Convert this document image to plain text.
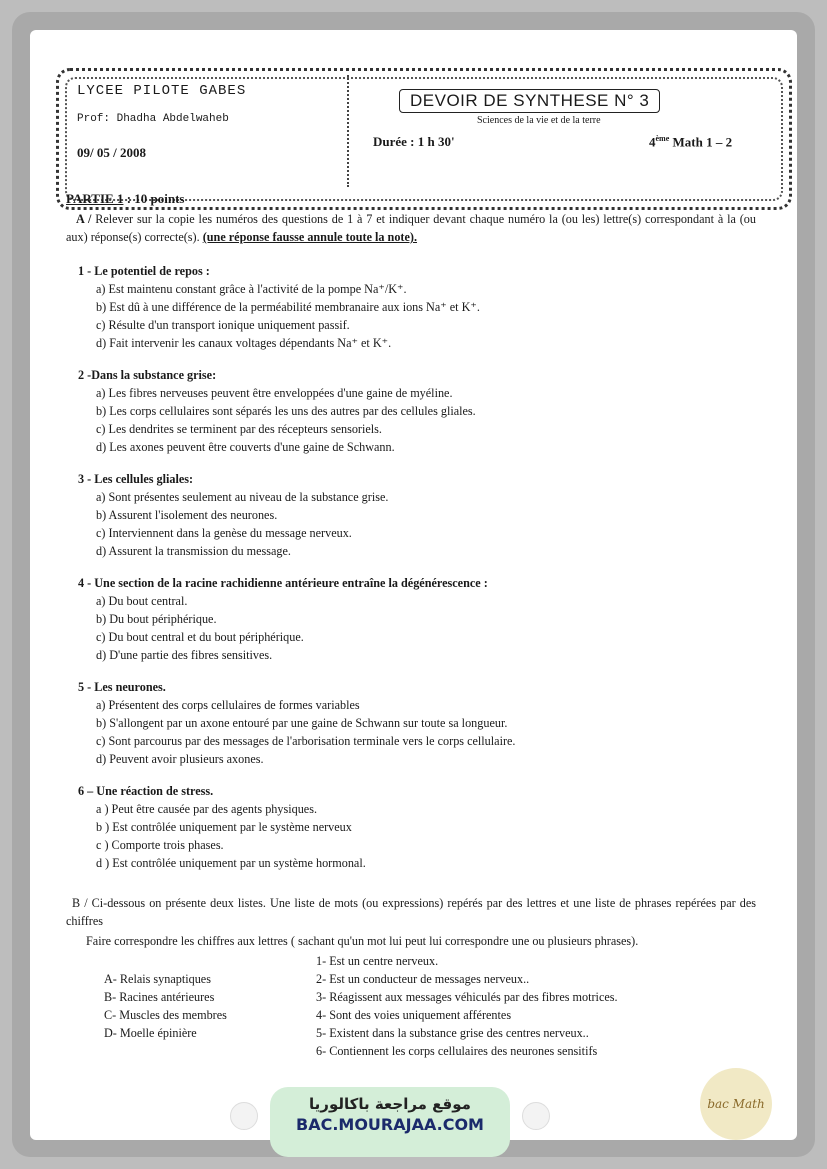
LYCEE PILOTE GABES
Prof: Dhadha Abdelwaheb
09/ 05 / 2008
DEVOIR DE SYNTHESE N° 3
Sciences de la vie et de la terre
Durée : 1 h 30'	4ème Math 1 – 2
PARTIE 1 : 10 points
A / Relever sur la copie les numéros des questions de 1 à 7 et indiquer devant chaque numéro la (ou les) lettre(s) correspondant à la (ou aux) réponse(s) correcte(s). (une réponse fausse annule toute la note).
1 - Le potentiel de repos :
a) Est maintenu constant grâce à l'activité de la pompe Na⁺/K⁺.
b) Est dû à une différence de la perméabilité membranaire aux ions Na⁺ et K⁺.
c) Résulte d'un transport ionique uniquement passif.
d) Fait intervenir les canaux voltages dépendants Na⁺ et K⁺.
2 -Dans la substance grise:
a) Les fibres nerveuses peuvent être enveloppées d'une gaine de myéline.
b) Les corps cellulaires sont séparés les uns des autres par des cellules gliales.
c) Les dendrites se terminent par des récepteurs sensoriels.
d) Les axones peuvent être couverts d'une gaine de Schwann.
3 - Les cellules gliales:
a) Sont présentes seulement au niveau de la substance grise.
b) Assurent l'isolement des neurones.
c) Interviennent dans la genèse du message nerveux.
d) Assurent la transmission du message.
4 - Une section de la racine rachidienne antérieure entraîne la dégénérescence :
a) Du bout central.
b) Du bout périphérique.
c) Du bout central et du bout périphérique.
d) D'une partie des fibres sensitives.
5 - Les neurones.
a) Présentent des corps cellulaires de formes variables
b) S'allongent par un axone entouré par une gaine de Schwann sur toute sa longueur.
c) Sont parcourus par des messages de l'arborisation terminale vers le corps cellulaire.
d) Peuvent avoir plusieurs axones.
6 – Une réaction de stress.
a ) Peut être causée par des agents physiques.
b ) Est contrôlée uniquement par le système nerveux
c ) Comporte trois phases.
d ) Est contrôlée uniquement par un système hormonal.
B / Ci-dessous on présente deux listes. Une liste de mots (ou expressions) repérés par des lettres et une liste de phrases repérées par des chiffres
Faire correspondre les chiffres aux lettres ( sachant qu'un mot lui peut lui correspondre une ou plusieurs phrases).
A- Relais synaptiques
B- Racines antérieures
C- Muscles des membres
D- Moelle épinière
1- Est un centre nerveux.
2- Est un conducteur de messages nerveux..
3- Réagissent aux messages véhiculés par des fibres motrices.
4- Sont des voies uniquement afférentes
5- Existent dans la substance grise des centres nerveux..
6- Contiennent les corps cellulaires des neurones sensitifs
موقع مراجعة باكالوريا
BAC.MOURAJAA.COM
bac Math
